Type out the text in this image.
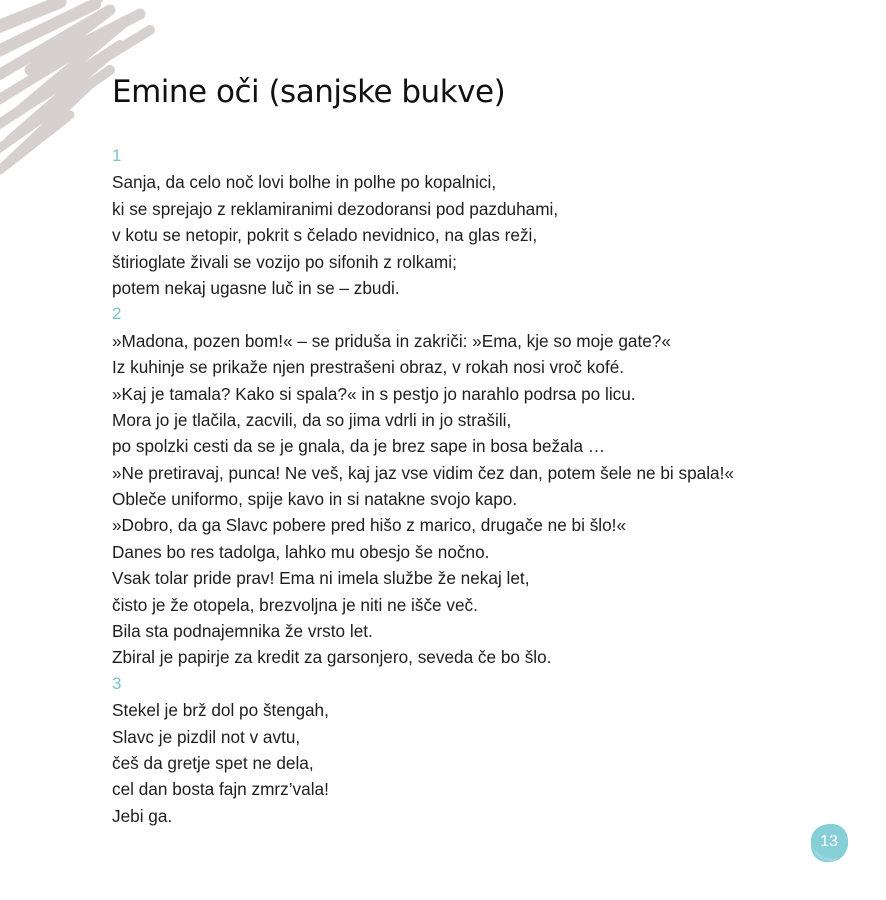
Emine oči (sanjske bukve)
1
Sanja, da celo noč lovi bolhe in polhe po kopalnici,
ki se sprejajo z reklamiranimi dezodoransi pod pazduhami,
v kotu se netopir, pokrit s čelado nevidnico, na glas reži,
štirioglate živali se vozijo po sifonih z rolkami;
potem nekaj ugasne luč in se – zbudi.
2
»Madona, pozen bom!« – se priduša in zakriči: »Ema, kje so moje gate?«
Iz kuhinje se prikaže njen prestrašeni obraz, v rokah nosi vroč kofé.
»Kaj je tamala? Kako si spala?« in s pestjo jo narahlo podrsa po licu.
Mora jo je tlačila, zacvili, da so jima vdrli in jo strašili,
po spolzki cesti da se je gnala, da je brez sape in bosa bežala …
»Ne pretiravaj, punca! Ne veš, kaj jaz vse vidim čez dan, potem šele ne bi spala!«
Obleče uniformo, spije kavo in si natakne svojo kapo.
»Dobro, da ga Slavc pobere pred hišo z marico, drugače ne bi šlo!«
Danes bo res tadolga, lahko mu obesjo še nočno.
Vsak tolar pride prav! Ema ni imela službe že nekaj let,
čisto je že otopela, brezvoljna je niti ne išče več.
Bila sta podnajemnika že vrsto let.
Zbiral je papirje za kredit za garsonjero, seveda če bo šlo.
3
Stekel je brž dol po štengah,
Slavc je pizdil not v avtu,
češ da gretje spet ne dela,
cel dan bosta fajn zmrz’vala!
Jebi ga.
13
